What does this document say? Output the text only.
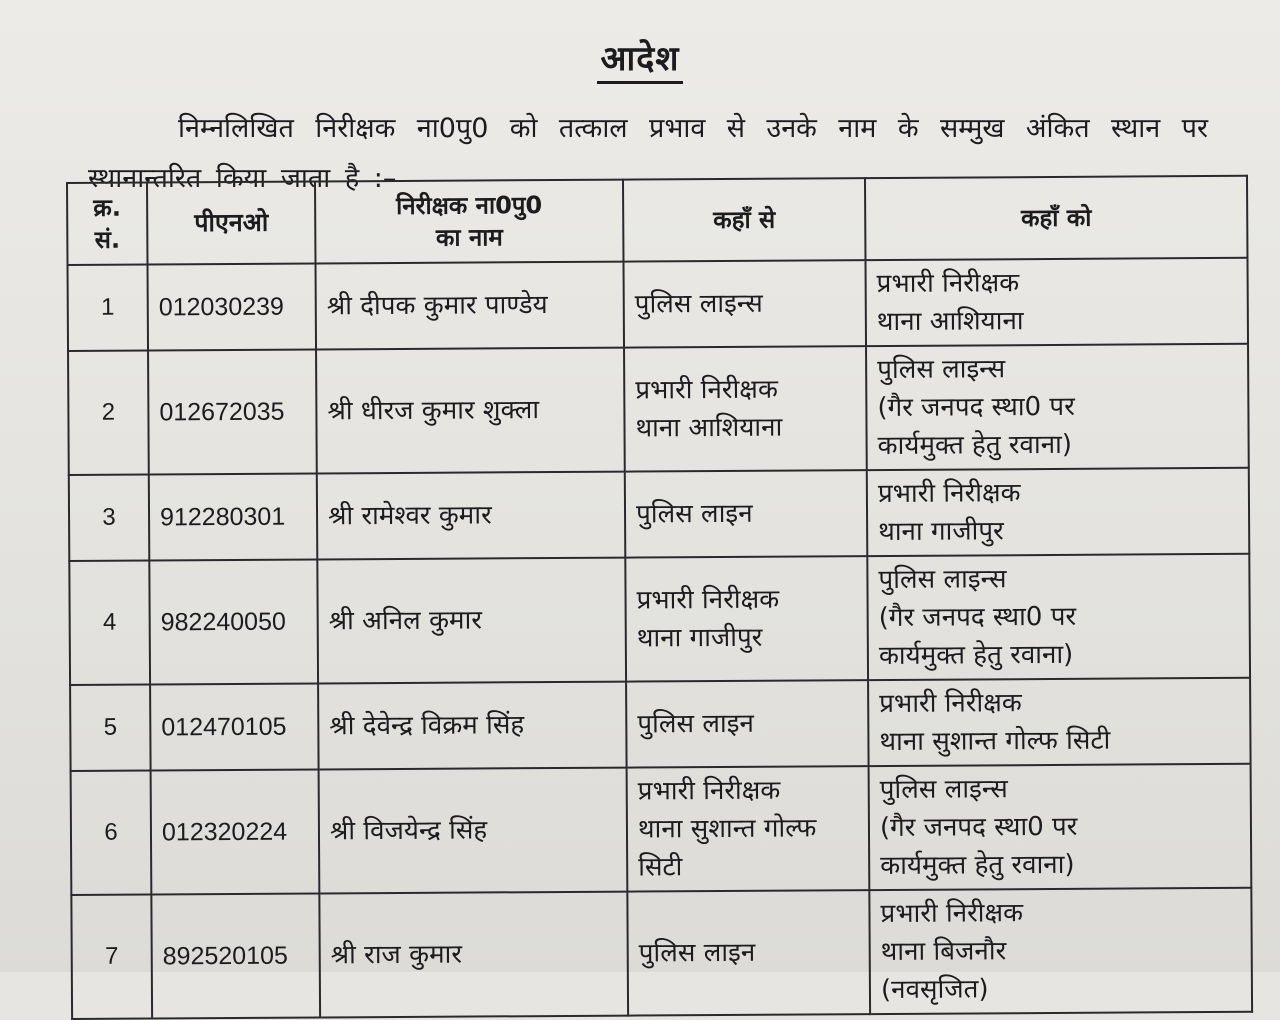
आदेश
निम्नलिखित निरीक्षक ना0पु0 को तत्काल प्रभाव से उनके नाम के सम्मुख अंकित स्थान पर स्थानान्तरित किया जाता है :–
क्र.
सं.	पीएनओ	निरीक्षक ना0पु0
का नाम	कहाँ से	कहाँ को
1	012030239	श्री दीपक कुमार पाण्डेय	पुलिस लाइन्स	प्रभारी निरीक्षक
थाना आशियाना
2	012672035	श्री धीरज कुमार शुक्ला	प्रभारी निरीक्षक
थाना आशियाना	पुलिस लाइन्स
(गैर जनपद स्था0 पर
कार्यमुक्त हेतु रवाना)
3	912280301	श्री रामेश्वर कुमार	पुलिस लाइन	प्रभारी निरीक्षक
थाना गाजीपुर
4	982240050	श्री अनिल कुमार	प्रभारी निरीक्षक
थाना गाजीपुर	पुलिस लाइन्स
(गैर जनपद स्था0 पर
कार्यमुक्त हेतु रवाना)
5	012470105	श्री देवेन्द्र विक्रम सिंह	पुलिस लाइन	प्रभारी निरीक्षक
थाना सुशान्त गोल्फ सिटी
6	012320224	श्री विजयेन्द्र सिंह	प्रभारी निरीक्षक
थाना सुशान्त गोल्फ
सिटी	पुलिस लाइन्स
(गैर जनपद स्था0 पर
कार्यमुक्त हेतु रवाना)
7	892520105	श्री राज कुमार	पुलिस लाइन	प्रभारी निरीक्षक
थाना बिजनौर
(नवसृजित)
